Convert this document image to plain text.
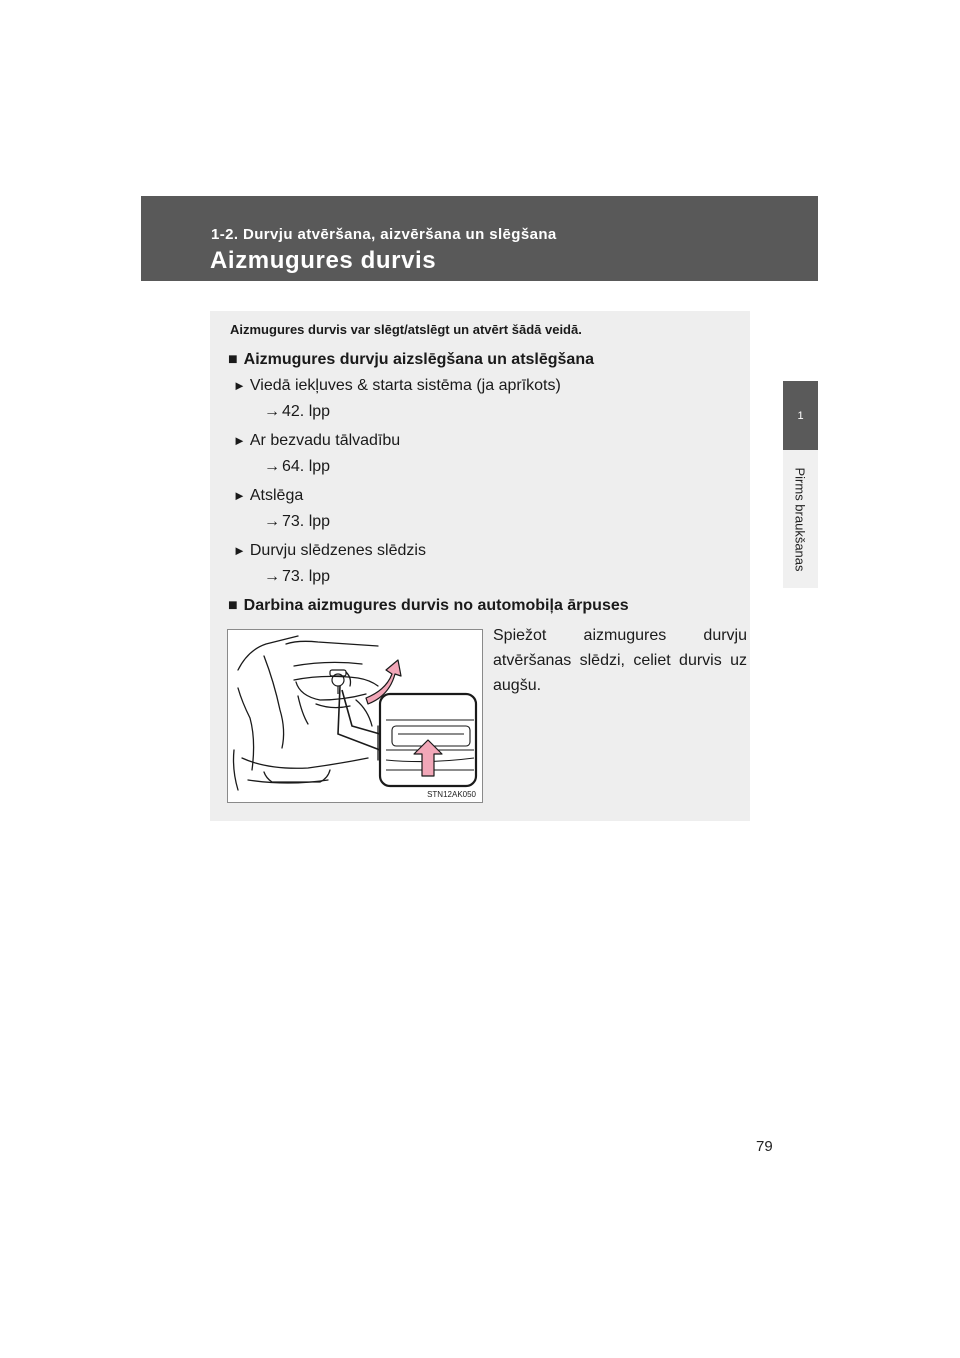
1-2. Durvju atvēršana, aizvēršana un slēgšana
Aizmugures durvis
1
Pirms braukšanas
Aizmugures durvis var slēgt/atslēgt un atvērt šādā veidā.
■ Aizmugures durvju aizslēgšana un atslēgšana
► Viedā iekļuves & starta sistēma (ja aprīkots)
→ 42. lpp
► Ar bezvadu tālvadību
→ 64. lpp
► Atslēga
→ 73. lpp
► Durvju slēdzenes slēdzis
→ 73. lpp
■ Darbina aizmugures durvis no automobiļa ārpuses
STN12AK050
Spiežot aizmugures durvju atvēršanas slēdzi, celiet durvis uz augšu.
79
